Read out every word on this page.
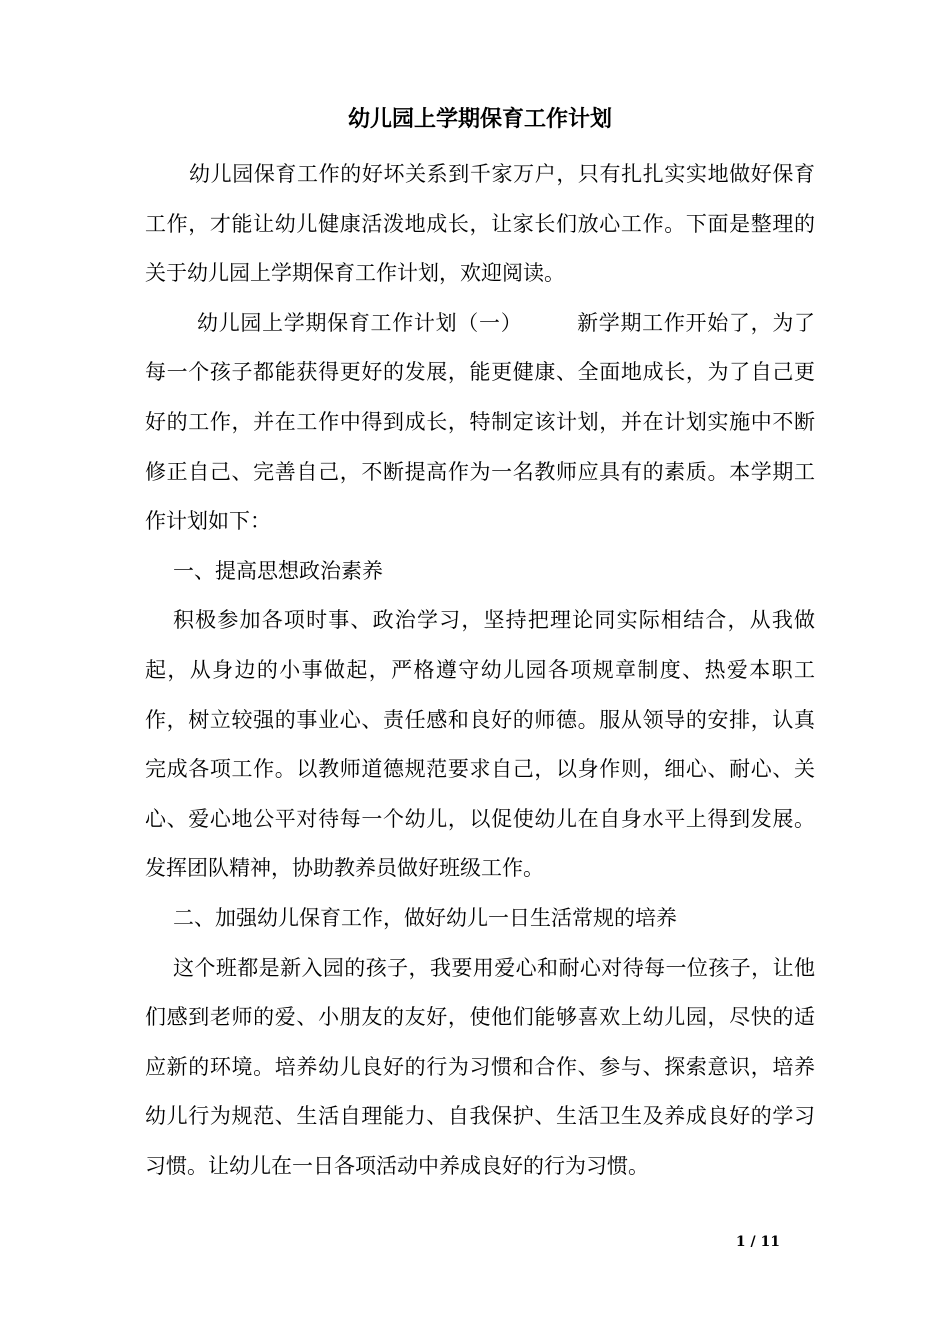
幼儿园上学期保育工作计划

幼儿园保育工作的好坏关系到千家万户，只有扎扎实实地做好保育工作，才能让幼儿健康活泼地成长，让家长们放心工作。下面是整理的关于幼儿园上学期保育工作计划，欢迎阅读。

幼儿园上学期保育工作计划（一）	新学期工作开始了，为了每一个孩子都能获得更好的发展，能更健康、全面地成长，为了自己更好的工作，并在工作中得到成长，特制定该计划，并在计划实施中不断修正自己、完善自己，不断提高作为一名教师应具有的素质。本学期工作计划如下：

一、提高思想政治素养

积极参加各项时事、政治学习，坚持把理论同实际相结合，从我做起，从身边的小事做起，严格遵守幼儿园各项规章制度、热爱本职工作，树立较强的事业心、责任感和良好的师德。服从领导的安排，认真完成各项工作。以教师道德规范要求自己，以身作则，细心、耐心、关心、爱心地公平对待每一个幼儿，以促使幼儿在自身水平上得到发展。发挥团队精神，协助教养员做好班级工作。

二、加强幼儿保育工作，做好幼儿一日生活常规的培养

这个班都是新入园的孩子，我要用爱心和耐心对待每一位孩子，让他们感到老师的爱、小朋友的友好，使他们能够喜欢上幼儿园，尽快的适应新的环境。培养幼儿良好的行为习惯和合作、参与、探索意识，培养幼儿行为规范、生活自理能力、自我保护、生活卫生及养成良好的学习习惯。让幼儿在一日各项活动中养成良好的行为习惯。

1 / 11
